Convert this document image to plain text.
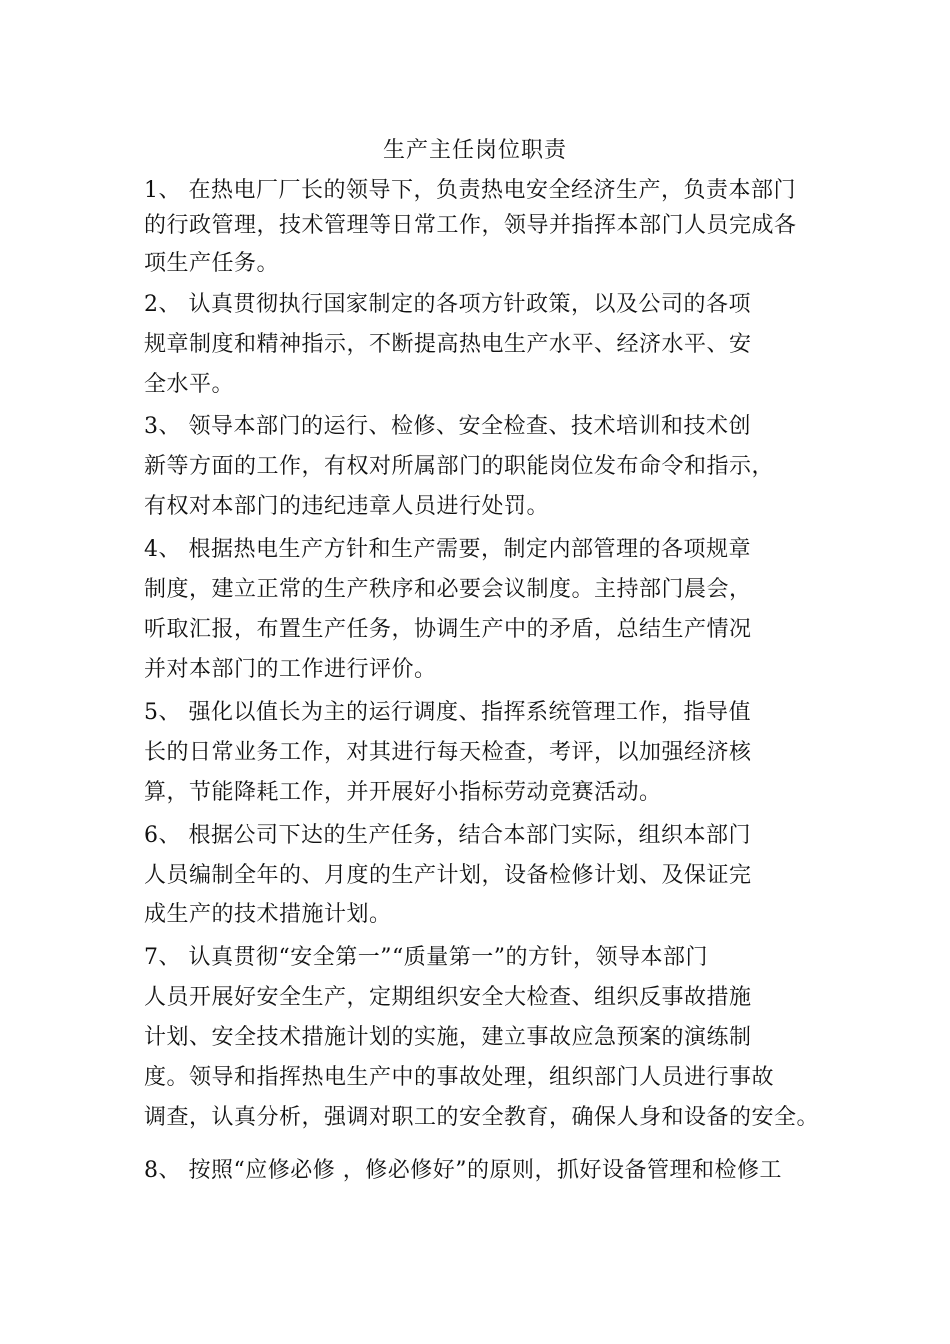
生产主任岗位职责
1、 在热电厂厂长的领导下，负责热电安全经济生产，负责本部门
的行政管理，技术管理等日常工作，领导并指挥本部门人员完成各
项生产任务。
2、 认真贯彻执行国家制定的各项方针政策，以及公司的各项
规章制度和精神指示，不断提高热电生产水平、经济水平、安
全水平。
3、 领导本部门的运行、检修、安全检查、技术培训和技术创
新等方面的工作，有权对所属部门的职能岗位发布命令和指示，
有权对本部门的违纪违章人员进行处罚。
4、 根据热电生产方针和生产需要，制定内部管理的各项规章
制度，建立正常的生产秩序和必要会议制度。主持部门晨会，
听取汇报，布置生产任务，协调生产中的矛盾，总结生产情况
并对本部门的工作进行评价。
5、 强化以值长为主的运行调度、指挥系统管理工作，指导值
长的日常业务工作，对其进行每天检查，考评，以加强经济核
算，节能降耗工作，并开展好小指标劳动竞赛活动。
6、 根据公司下达的生产任务，结合本部门实际，组织本部门
人员编制全年的、月度的生产计划，设备检修计划、及保证完
成生产的技术措施计划。
7、 认真贯彻“安全第一”“质量第一”的方针，领导本部门
人员开展好安全生产，定期组织安全大检查、组织反事故措施
计划、安全技术措施计划的实施，建立事故应急预案的演练制
度。领导和指挥热电生产中的事故处理，组织部门人员进行事故
调查，认真分析，强调对职工的安全教育，确保人身和设备的安全。
8、 按照“应修必修 ，修必修好”的原则，抓好设备管理和检修工
